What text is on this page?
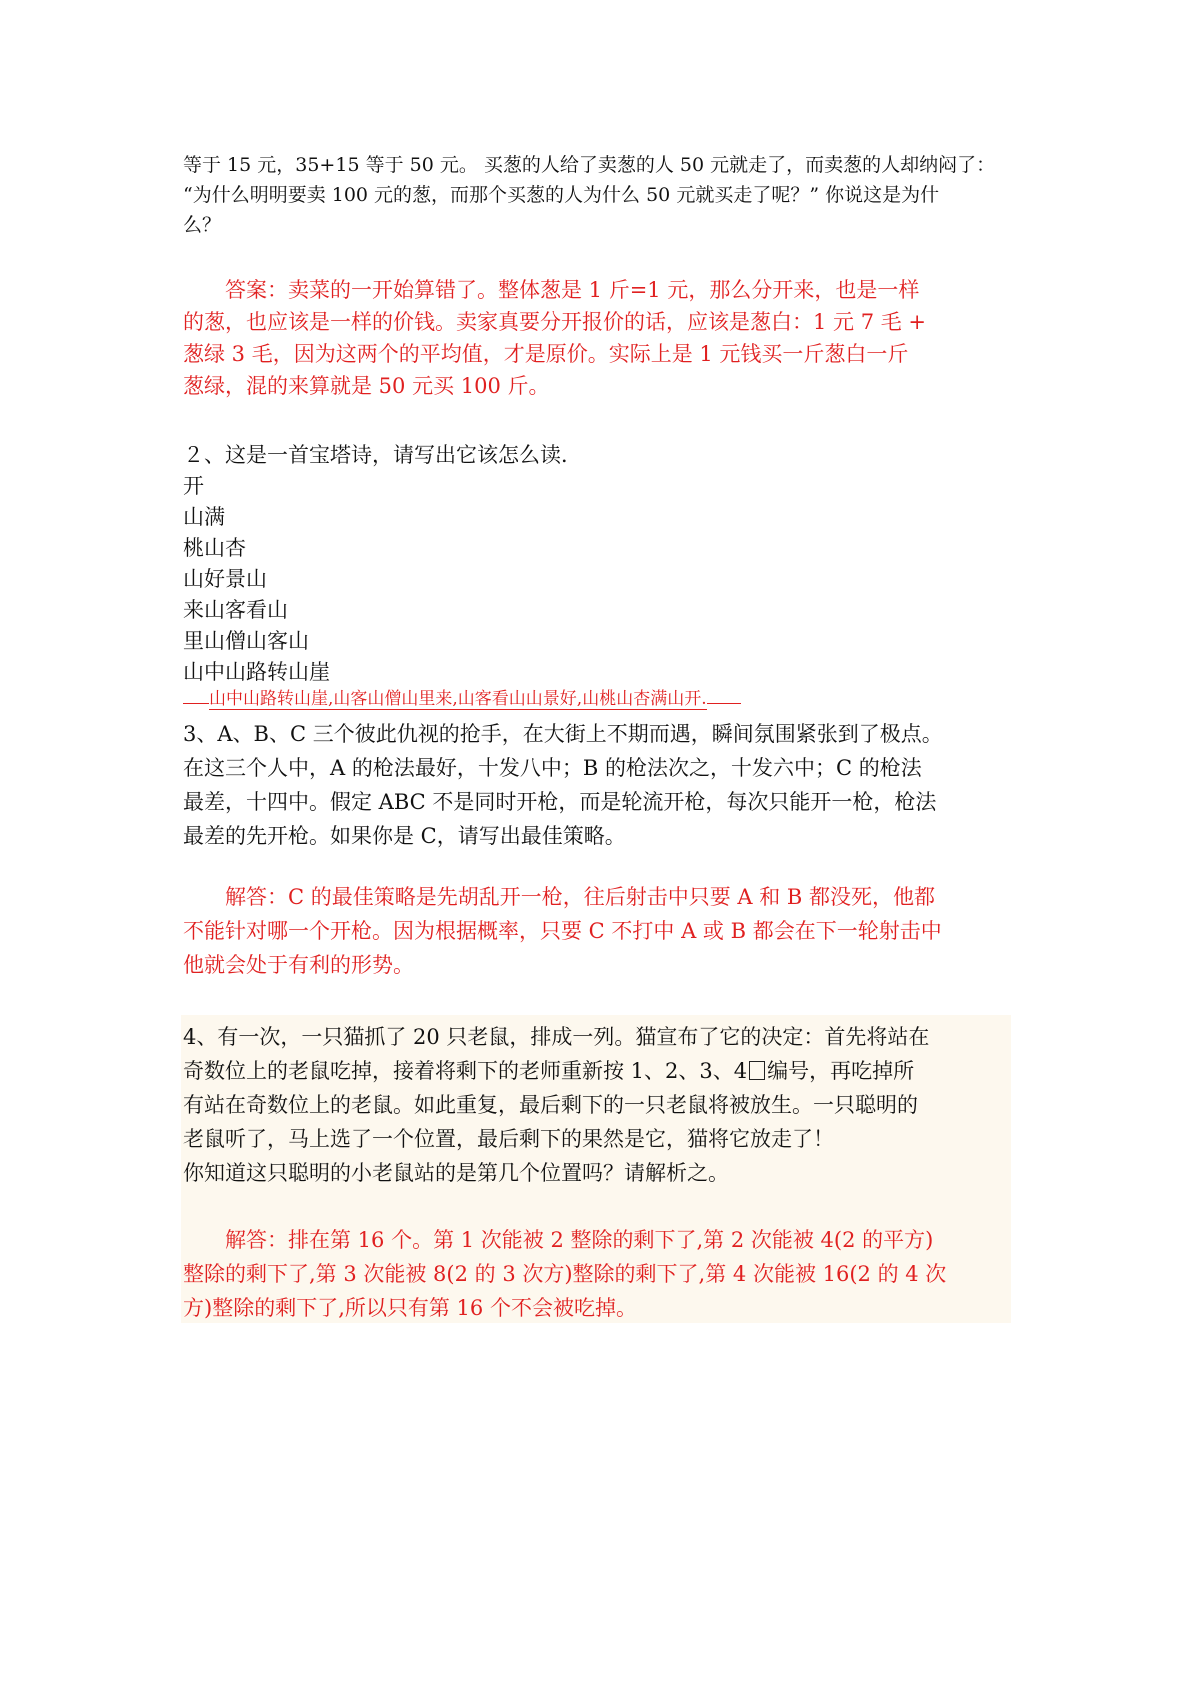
等于 15 元，35+15 等于 50 元。 买葱的人给了卖葱的人 50 元就走了，而卖葱的人却纳闷了：
“为什么明明要卖 100 元的葱，而那个买葱的人为什么 50 元就买走了呢？” 你说这是为什
么？
答案：卖菜的一开始算错了。整体葱是 1 斤=1 元，那么分开来，也是一样
的葱，也应该是一样的价钱。卖家真要分开报价的话，应该是葱白：1 元 7 毛 +
葱绿 3 毛，因为这两个的平均值，才是原价。实际上是 1 元钱买一斤葱白一斤
葱绿，混的来算就是 50 元买 100 斤。
２、这是一首宝塔诗，请写出它该怎么读．
开
山满
桃山杏
山好景山
来山客看山
里山僧山客山
山中山路转山崖
山中山路转山崖,山客山僧山里来,山客看山山景好,山桃山杏满山开.
3、A、B、C 三个彼此仇视的抢手，在大街上不期而遇，瞬间氛围紧张到了极点。
在这三个人中，A 的枪法最好，十发八中；B 的枪法次之，十发六中；C 的枪法
最差，十四中。假定 ABC 不是同时开枪，而是轮流开枪，每次只能开一枪，枪法
最差的先开枪。如果你是 C，请写出最佳策略。
解答：C 的最佳策略是先胡乱开一枪，往后射击中只要 A 和 B 都没死，他都
不能针对哪一个开枪。因为根据概率，只要 C 不打中 A 或 B 都会在下一轮射击中
他就会处于有利的形势。
4、有一次，一只猫抓了 20 只老鼠，排成一列。猫宣布了它的决定：首先将站在
奇数位上的老鼠吃掉，接着将剩下的老师重新按 1、2、3、4 编号，再吃掉所
有站在奇数位上的老鼠。如此重复，最后剩下的一只老鼠将被放生。一只聪明的
老鼠听了，马上选了一个位置，最后剩下的果然是它，猫将它放走了！
你知道这只聪明的小老鼠站的是第几个位置吗？请解析之。
解答：排在第 16 个。第 1 次能被 2 整除的剩下了,第 2 次能被 4(2 的平方)
整除的剩下了,第 3 次能被 8(2 的 3 次方)整除的剩下了,第 4 次能被 16(2 的 4 次
方)整除的剩下了,所以只有第 16 个不会被吃掉。
